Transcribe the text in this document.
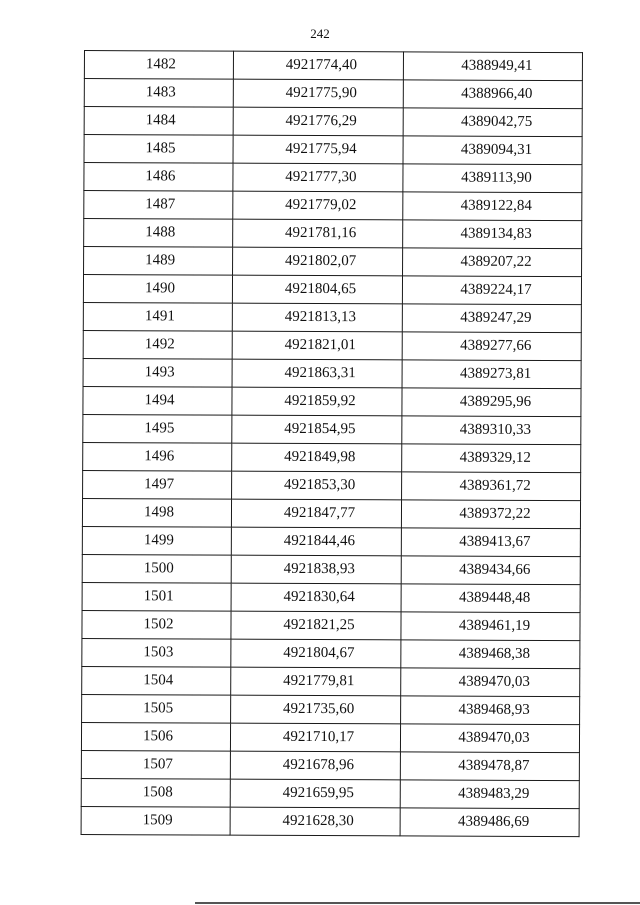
242
1482	4921774,40	4388949,41
1483	4921775,90	4388966,40
1484	4921776,29	4389042,75
1485	4921775,94	4389094,31
1486	4921777,30	4389113,90
1487	4921779,02	4389122,84
1488	4921781,16	4389134,83
1489	4921802,07	4389207,22
1490	4921804,65	4389224,17
1491	4921813,13	4389247,29
1492	4921821,01	4389277,66
1493	4921863,31	4389273,81
1494	4921859,92	4389295,96
1495	4921854,95	4389310,33
1496	4921849,98	4389329,12
1497	4921853,30	4389361,72
1498	4921847,77	4389372,22
1499	4921844,46	4389413,67
1500	4921838,93	4389434,66
1501	4921830,64	4389448,48
1502	4921821,25	4389461,19
1503	4921804,67	4389468,38
1504	4921779,81	4389470,03
1505	4921735,60	4389468,93
1506	4921710,17	4389470,03
1507	4921678,96	4389478,87
1508	4921659,95	4389483,29
1509	4921628,30	4389486,69
